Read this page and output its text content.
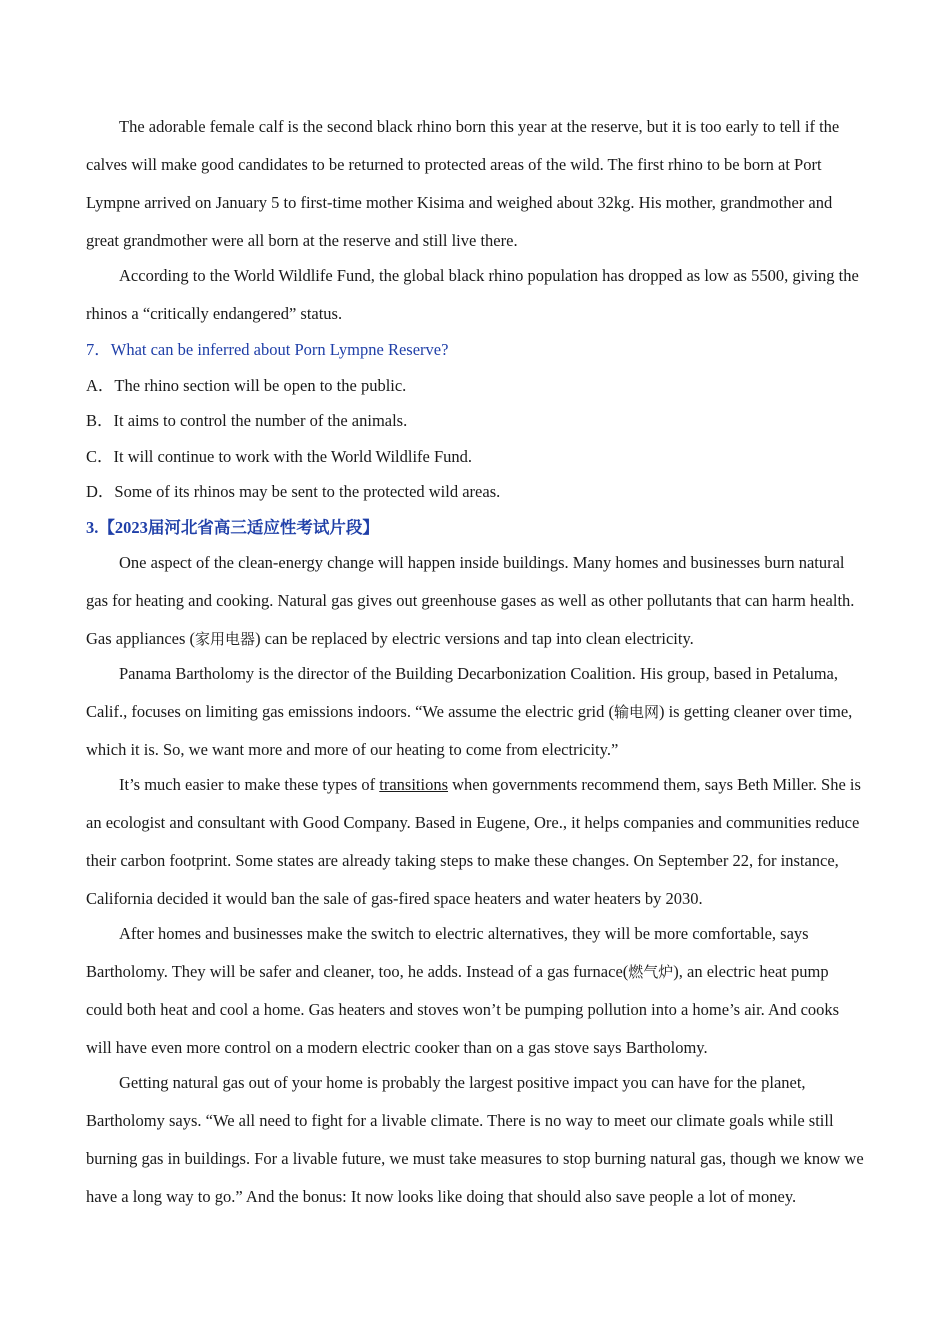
The adorable female calf is the second black rhino born this year at the reserve, but it is too early to tell if the calves will make good candidates to be returned to protected areas of the wild. The first rhino to be born at Port Lympne arrived on January 5 to first-time mother Kisima and weighed about 32kg. His mother, grandmother and great grandmother were all born at the reserve and still live there.

According to the World Wildlife Fund, the global black rhino population has dropped as low as 5500, giving the rhinos a “critically endangered” status.

7．What can be inferred about Porn Lympne Reserve?

A．The rhino section will be open to the public.

B．It aims to control the number of the animals.

C．It will continue to work with the World Wildlife Fund.

D．Some of its rhinos may be sent to the protected wild areas.

3.【2023届河北省高三适应性考试片段】

One aspect of the clean-energy change will happen inside buildings. Many homes and businesses burn natural gas for heating and cooking. Natural gas gives out greenhouse gases as well as other pollutants that can harm health. Gas appliances (家用电器) can be replaced by electric versions and tap into clean electricity.

Panama Bartholomy is the director of the Building Decarbonization Coalition. His group, based in Petaluma, Calif., focuses on limiting gas emissions indoors. “We assume the electric grid (输电网) is getting cleaner over time, which it is. So, we want more and more of our heating to come from electricity.”

It’s much easier to make these types of transitions when governments recommend them, says Beth Miller. She is an ecologist and consultant with Good Company. Based in Eugene, Ore., it helps companies and communities reduce their carbon footprint. Some states are already taking steps to make these changes. On September 22, for instance, California decided it would ban the sale of gas-fired space heaters and water heaters by 2030.

After homes and businesses make the switch to electric alternatives, they will be more comfortable, says Bartholomy. They will be safer and cleaner, too, he adds. Instead of a gas furnace(燃气炉), an electric heat pump could both heat and cool a home. Gas heaters and stoves won’t be pumping pollution into a home’s air. And cooks will have even more control on a modern electric cooker than on a gas stove says Bartholomy.

Getting natural gas out of your home is probably the largest positive impact you can have for the planet, Bartholomy says. “We all need to fight for a livable climate. There is no way to meet our climate goals while still burning gas in buildings. For a livable future, we must take measures to stop burning natural gas, though we know we have a long way to go.” And the bonus: It now looks like doing that should also save people a lot of money.
